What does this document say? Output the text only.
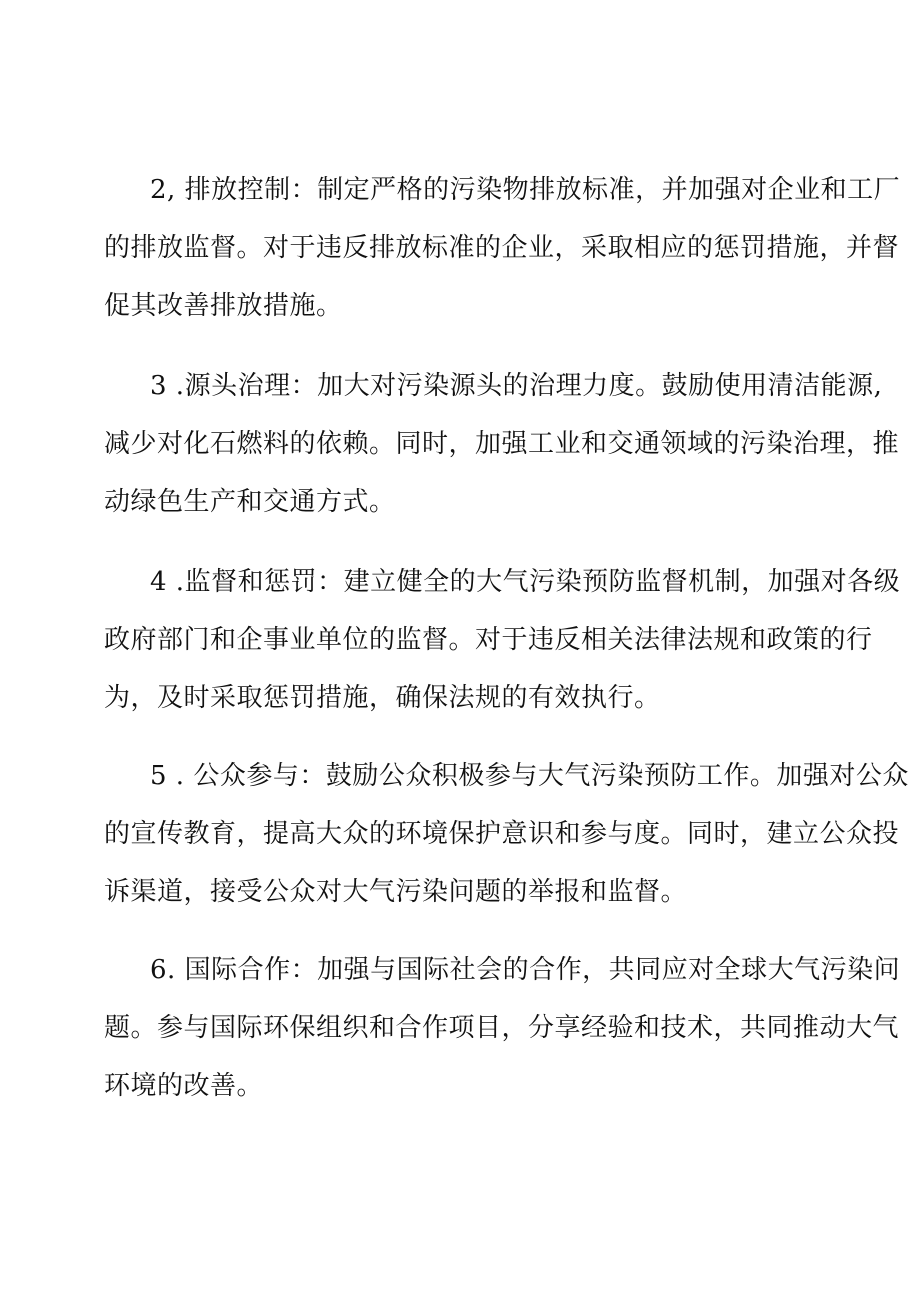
2, 排放控制：制定严格的污染物排放标准，并加强对企业和工厂
的排放监督。对于违反排放标准的企业，采取相应的惩罚措施，并督
促其改善排放措施。
3 .源头治理：加大对污染源头的治理力度。鼓励使用清洁能源,
减少对化石燃料的依赖。同时，加强工业和交通领域的污染治理，推
动绿色生产和交通方式。
4 .监督和惩罚：建立健全的大气污染预防监督机制，加强对各级
政府部门和企事业单位的监督。对于违反相关法律法规和政策的行
为，及时采取惩罚措施，确保法规的有效执行。
5 . 公众参与：鼓励公众积极参与大气污染预防工作。加强对公众
的宣传教育，提高大众的环境保护意识和参与度。同时，建立公众投
诉渠道，接受公众对大气污染问题的举报和监督。
6. 国际合作：加强与国际社会的合作，共同应对全球大气污染问
题。参与国际环保组织和合作项目，分享经验和技术，共同推动大气
环境的改善。
